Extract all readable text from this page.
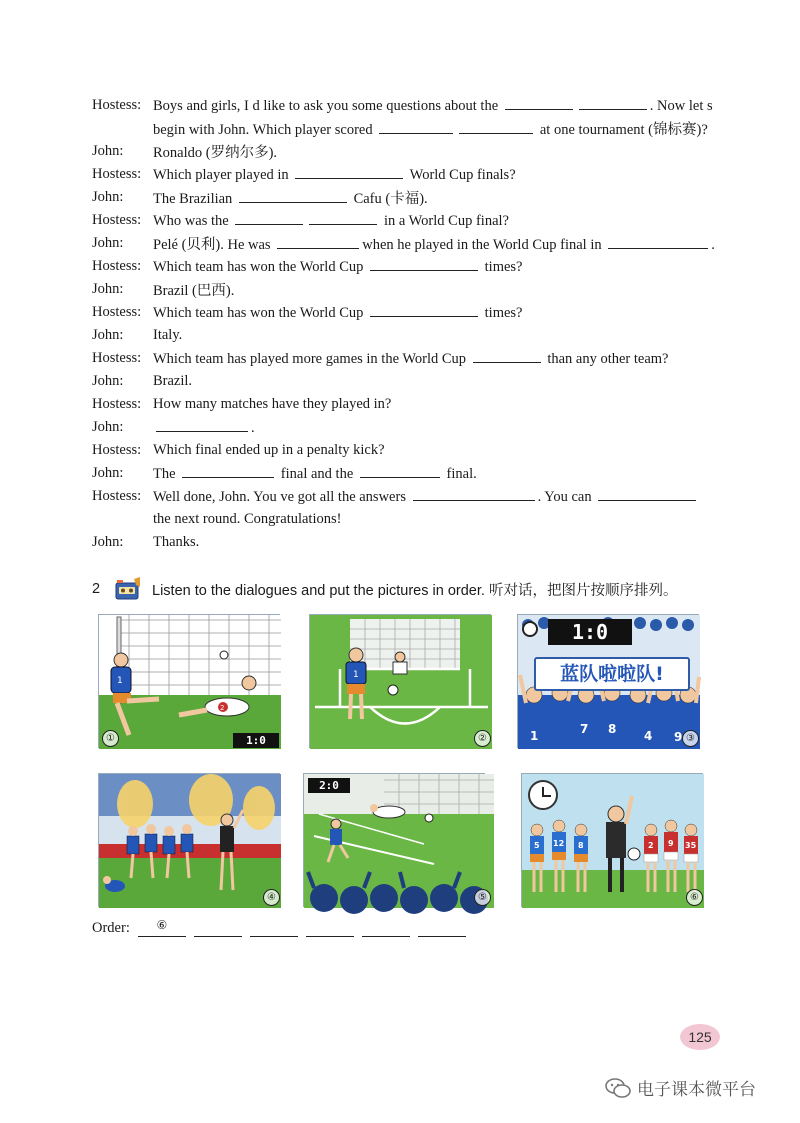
Hostess: Boys and girls, I d like to ask you some questions about the	. Now let s
begin with John. Which player scored	at one tournament (锦标赛)?
John:	Ronaldo (罗纳尔多).
Hostess: Which player played in	World Cup finals?
John:	The Brazilian	Cafu (卡福).
Hostess: Who was the	in a World Cup final?
John:	Pelé (贝利). He was	when he played in the World Cup final in	.
Hostess: Which team has won the World Cup	times?
John:	Brazil (巴西).
Hostess: Which team has won the World Cup	times?
John:	Italy.
Hostess: Which team has played more games in the World Cup	than any other team?
John:	Brazil.
Hostess: How many matches have they played in?
John:	.
Hostess: Which final ended up in a penalty kick?
John:	The	final and the	final.
Hostess: Well done, John. You ve got all the answers	. You can
the next round. Congratulations!
John:	Thanks.
2	Listen to the dialogues and put the pictures in order. 听对话，把图片按顺序排列。
1
2
1:0
①
1
②	1	7 8 4 9
1:0
蓝队啦啦队!
③
④
2:0
⑤
5 12 8	2 9 35
⑥
Order:	⑥
125
电子课本微平台
